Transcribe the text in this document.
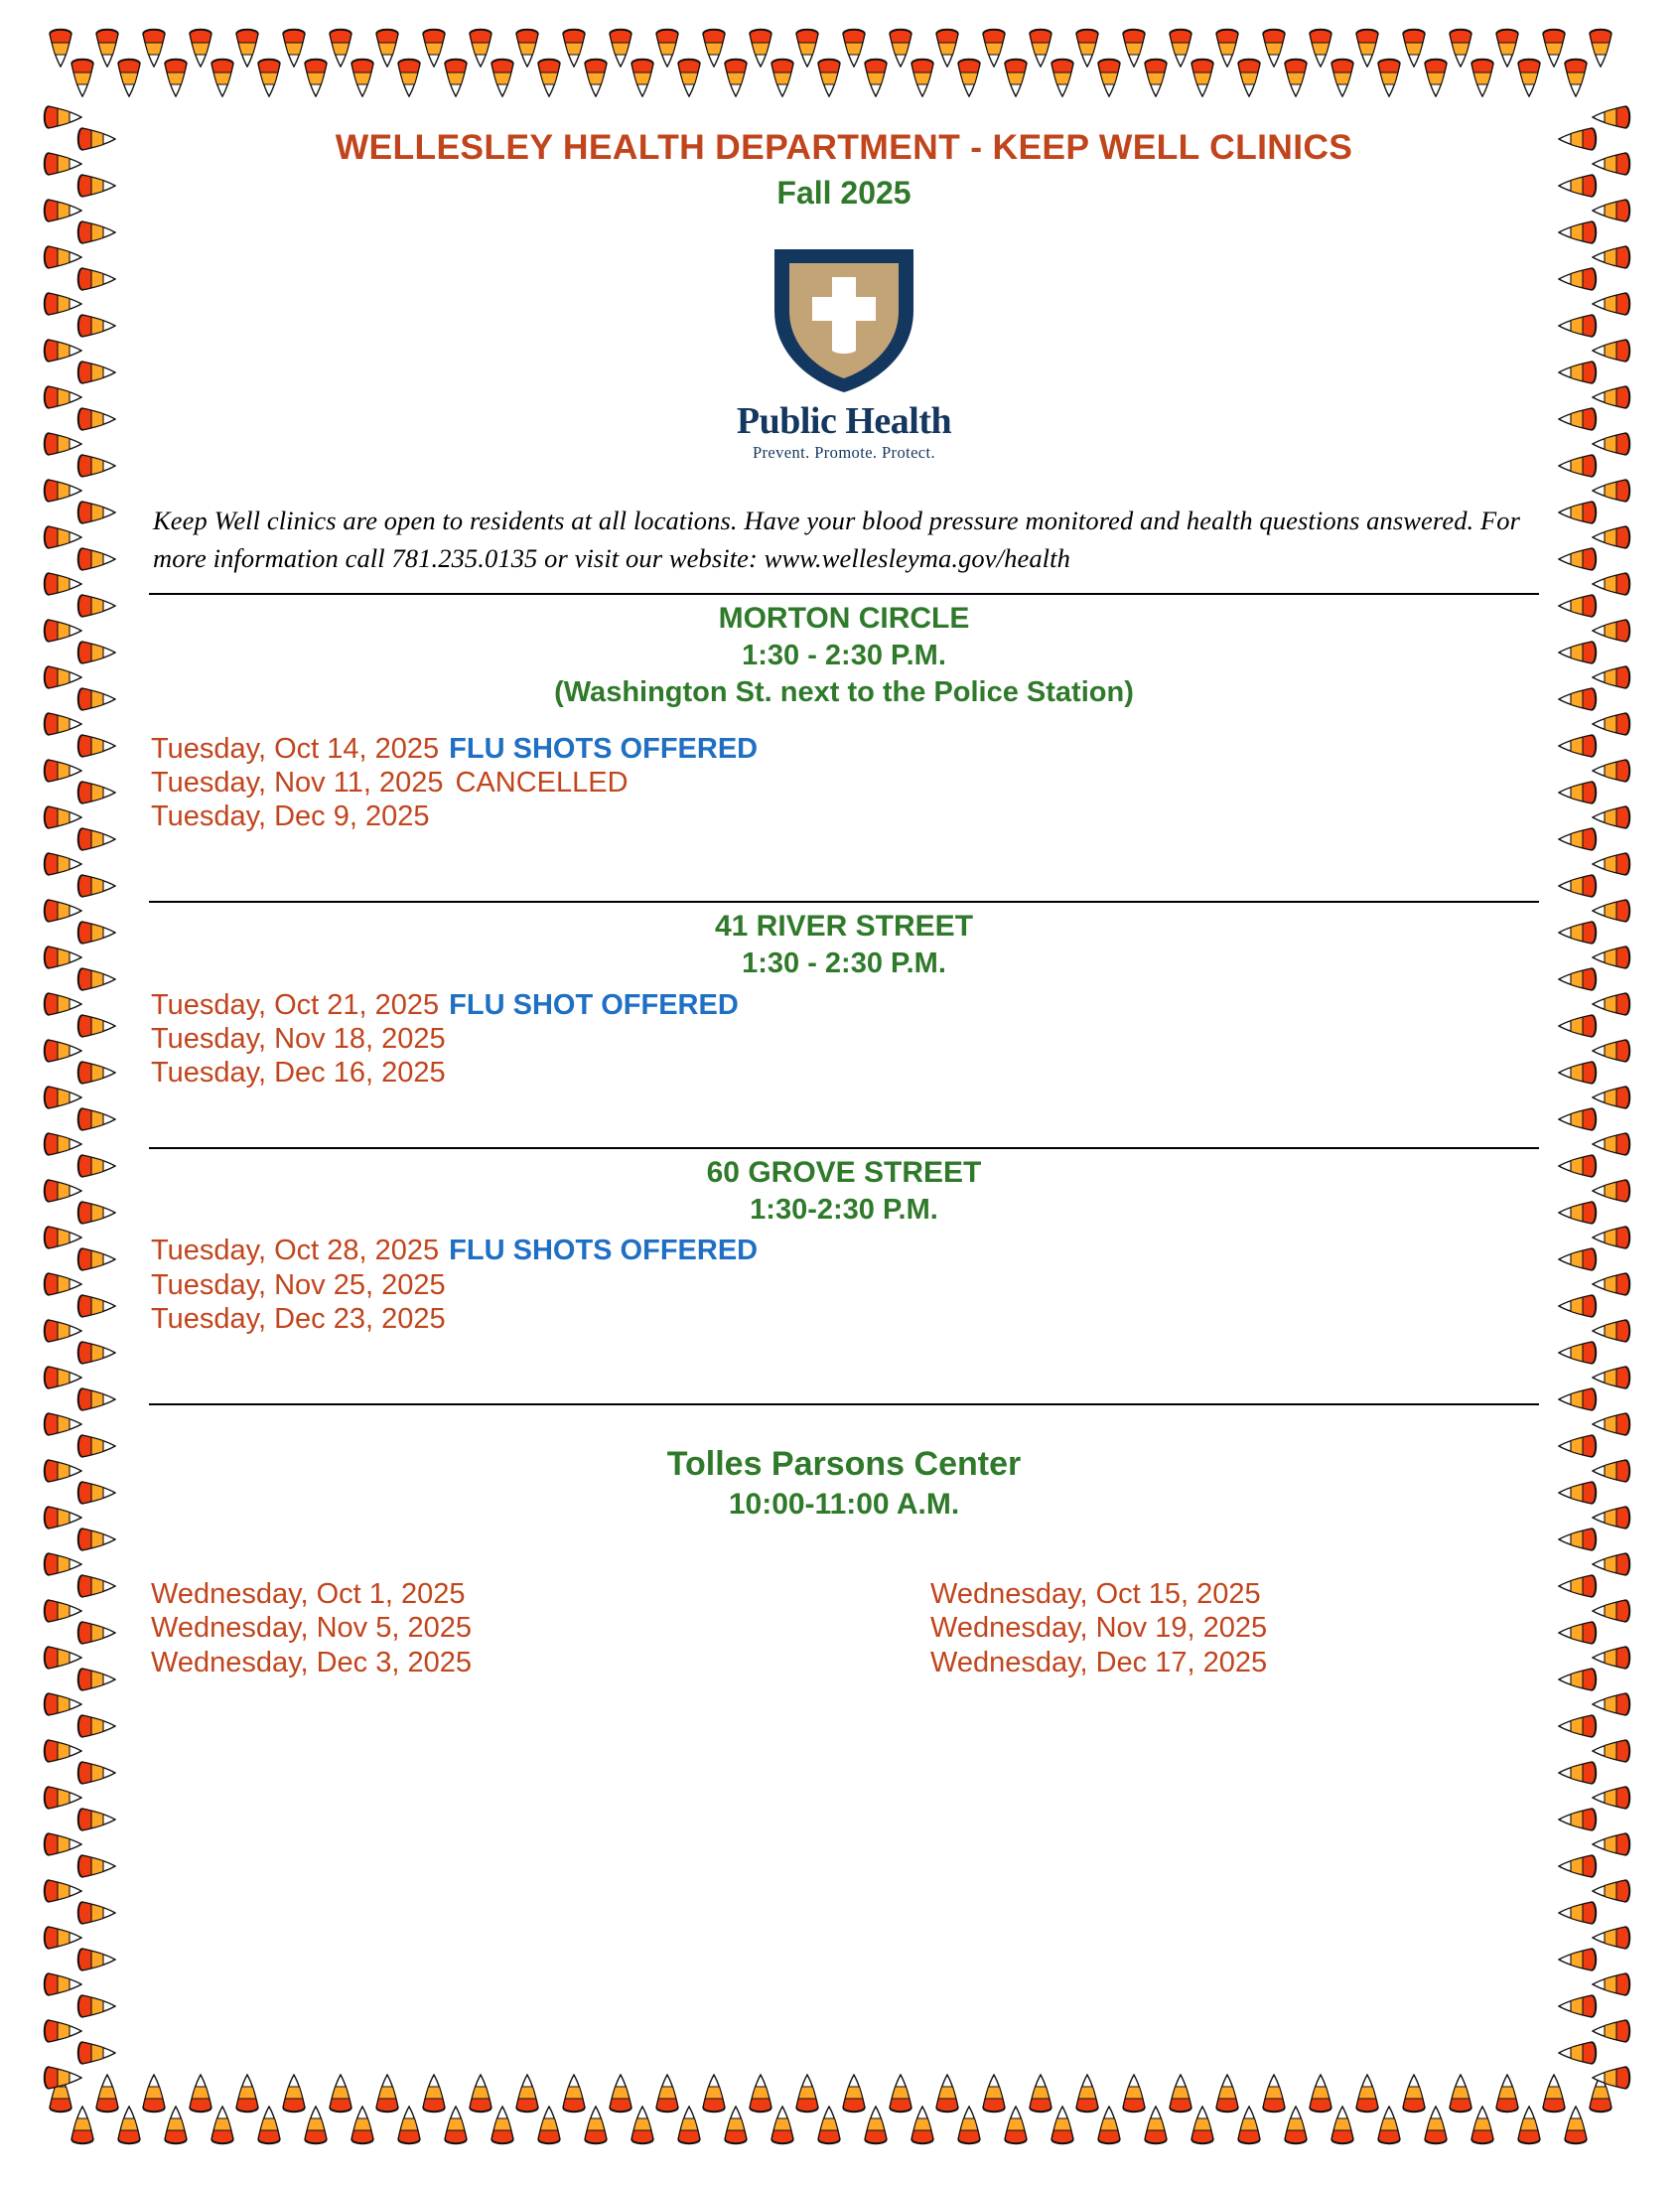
WELLESLEY HEALTH DEPARTMENT - KEEP WELL CLINICS
Fall 2025
Public Health
Prevent. Promote. Protect.
Keep Well clinics are open to residents at all locations. Have your blood pressure monitored and health questions answered. For more information call 781.235.0135 or visit our website: www.wellesleyma.gov/health
MORTON CIRCLE
1:30 - 2:30 P.M.
(Washington St. next to the Police Station)
Tuesday, Oct 14, 2025 FLU SHOTS OFFERED
Tuesday, Nov 11, 2025 CANCELLED
Tuesday, Dec 9, 2025
41 RIVER STREET
1:30 - 2:30 P.M.
Tuesday, Oct 21, 2025 FLU SHOT OFFERED
Tuesday, Nov 18, 2025
Tuesday, Dec 16, 2025
60 GROVE STREET
1:30-2:30 P.M.
Tuesday, Oct 28, 2025 FLU SHOTS OFFERED
Tuesday, Nov 25, 2025
Tuesday, Dec 23, 2025
Tolles Parsons Center
10:00-11:00 A.M.
Wednesday, Oct 1, 2025
Wednesday, Nov 5, 2025
Wednesday, Dec 3, 2025
Wednesday, Oct 15, 2025
Wednesday, Nov 19, 2025
Wednesday, Dec 17, 2025
